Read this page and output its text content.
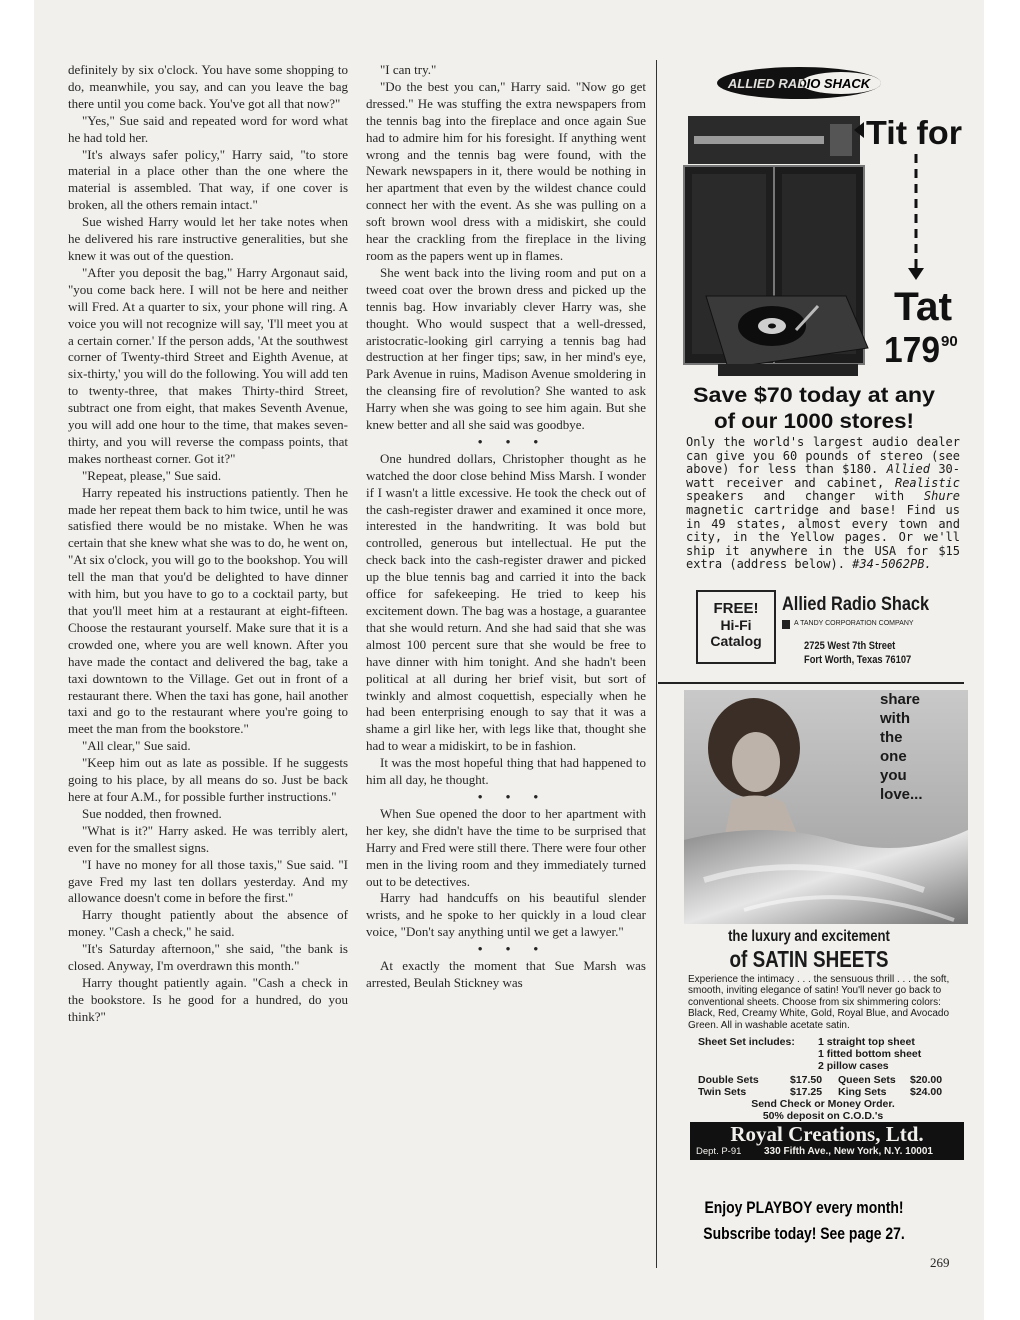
definitely by six o'clock. You have some shopping to do, meanwhile, you say, and can you leave the bag there until you come back. You've got all that now?"

"Yes," Sue said and repeated word for word what he had told her.

"It's always safer policy," Harry said, "to store material in a place other than the one where the material is assembled. That way, if one cover is broken, all the others remain intact."

Sue wished Harry would let her take notes when he delivered his rare instructive generalities, but she knew it was out of the question.

"After you deposit the bag," Harry Argonaut said, "you come back here. I will not be here and neither will Fred. At a quarter to six, your phone will ring. A voice you will not recognize will say, 'I'll meet you at a certain corner.' If the person adds, 'At the southwest corner of Twenty-third Street and Eighth Avenue, at six-thirty,' you will do the following. You will add ten to twenty-three, that makes Thirty-third Street, subtract one from eight, that makes Seventh Avenue, you will add one hour to the time, that makes seven-thirty, and you will reverse the compass points, that makes northeast corner. Got it?"

"Repeat, please," Sue said.

Harry repeated his instructions patiently. Then he made her repeat them back to him twice, until he was satisfied there would be no mistake. When he was certain that she knew what she was to do, he went on, "At six o'clock, you will go to the bookshop. You will tell the man that you'd be delighted to have dinner with him, but you have to go to a cocktail party, but that you'll meet him at a restaurant at eight-fifteen. Choose the restaurant yourself. Make sure that it is a crowded one, where you are well known. After you have made the contact and delivered the bag, take a taxi downtown to the Village. Get out in front of a restaurant there. When the taxi has gone, hail another taxi and go to the restaurant where you're going to meet the man from the bookstore."

"All clear," Sue said.

"Keep him out as late as possible. If he suggests going to his place, by all means do so. Just be back here at four A.M., for possible further instructions."

Sue nodded, then frowned.

"What is it?" Harry asked. He was terribly alert, even for the smallest signs.

"I have no money for all those taxis," Sue said. "I gave Fred my last ten dollars yesterday. And my allowance doesn't come in before the first."

Harry thought patiently about the absence of money. "Cash a check," he said.

"It's Saturday afternoon," she said, "the bank is closed. Anyway, I'm overdrawn this month."

Harry thought patiently again. "Cash a check in the bookstore. Is he good for a hundred, do you think?"

"I can try."

"Do the best you can," Harry said. "Now go get dressed." He was stuffing the extra newspapers from the tennis bag into the fireplace and once again Sue had to admire him for his foresight. If anything went wrong and the tennis bag were found, with the Newark newspapers in it, there would be nothing in her apartment that even by the wildest chance could connect her with the event. As she was pulling on a soft brown wool dress with a midiskirt, she could hear the crackling from the fireplace in the living room as the papers went up in flames.

She went back into the living room and put on a tweed coat over the brown dress and picked up the tennis bag. How invariably clever Harry was, she thought. Who would suspect that a well-dressed, aristocratic-looking girl carrying a tennis bag had destruction at her finger tips; saw, in her mind's eye, Park Avenue in ruins, Madison Avenue smoldering in the cleansing fire of revolution? She wanted to ask Harry when she was going to see him again. But she knew better and all she said was goodbye.

• • •

One hundred dollars, Christopher thought as he watched the door close behind Miss Marsh. I wonder if I wasn't a little excessive. He took the check out of the cash-register drawer and examined it once more, interested in the handwriting. It was bold but controlled, generous but intellectual. He put the check back into the cash-register drawer and picked up the blue tennis bag and carried it into the back office for safekeeping. He tried to keep his excitement down. The bag was a hostage, a guarantee that she would return. And she had said that she was almost 100 percent sure that she would be free to have dinner with him tonight. And she hadn't been political at all during her brief visit, but sort of twinkly and almost coquettish, especially when he had been enterprising enough to say that it was a shame a girl like her, with legs like that, thought she had to wear a midiskirt, to be in fashion.

It was the most hopeful thing that had happened to him all day, he thought.

• • •

When Sue opened the door to her apartment with her key, she didn't have the time to be surprised that Harry and Fred were still there. There were four other men in the living room and they immediately turned out to be detectives.

Harry had handcuffs on his beautiful slender wrists, and he spoke to her quickly in a loud clear voice, "Don't say anything until we get a lawyer."

• • •

At exactly the moment that Sue Marsh was arrested, Beulah Stickney was

ALLIED RADIO SHACK
Tit for
Tat
179 90
Save $70 today at any
of our 1000 stores!
Only the world's largest audio dealer can give you 60 pounds of stereo (see above) for less than $180. Allied 30-watt receiver and cabinet, Realistic speakers and changer with Shure magnetic cartridge and base! Find us in 49 states, almost every town and city, in the Yellow pages. Or we'll ship it anywhere in the USA for $15 extra (address below). #34-5062PB.
FREE!
Hi-Fi
Catalog
Allied Radio Shack
A TANDY CORPORATION COMPANY
2725 West 7th Street
Fort Worth, Texas 76107
share
with
the
one
you
love...
the luxury and excitement
of SATIN SHEETS
Experience the intimacy . . . the sensuous thrill . . . the soft, smooth, inviting elegance of satin! You'll never go back to conventional sheets. Choose from six shimmering colors: Black, Red, Creamy White, Gold, Royal Blue, and Avocado Green. All in washable acetate satin.
Sheet Set includes: 1 straight top sheet
1 fitted bottom sheet
2 pillow cases
Double Sets	$17.50	Queen Sets	$20.00
Twin Sets	$17.25	King Sets	$24.00
Send Check or Money Order.
50% deposit on C.O.D.'s
Royal Creations, Ltd.
Dept. P-91 330 Fifth Ave., New York, N.Y. 10001
Enjoy PLAYBOY every month!
Subscribe today! See page 27.
269
